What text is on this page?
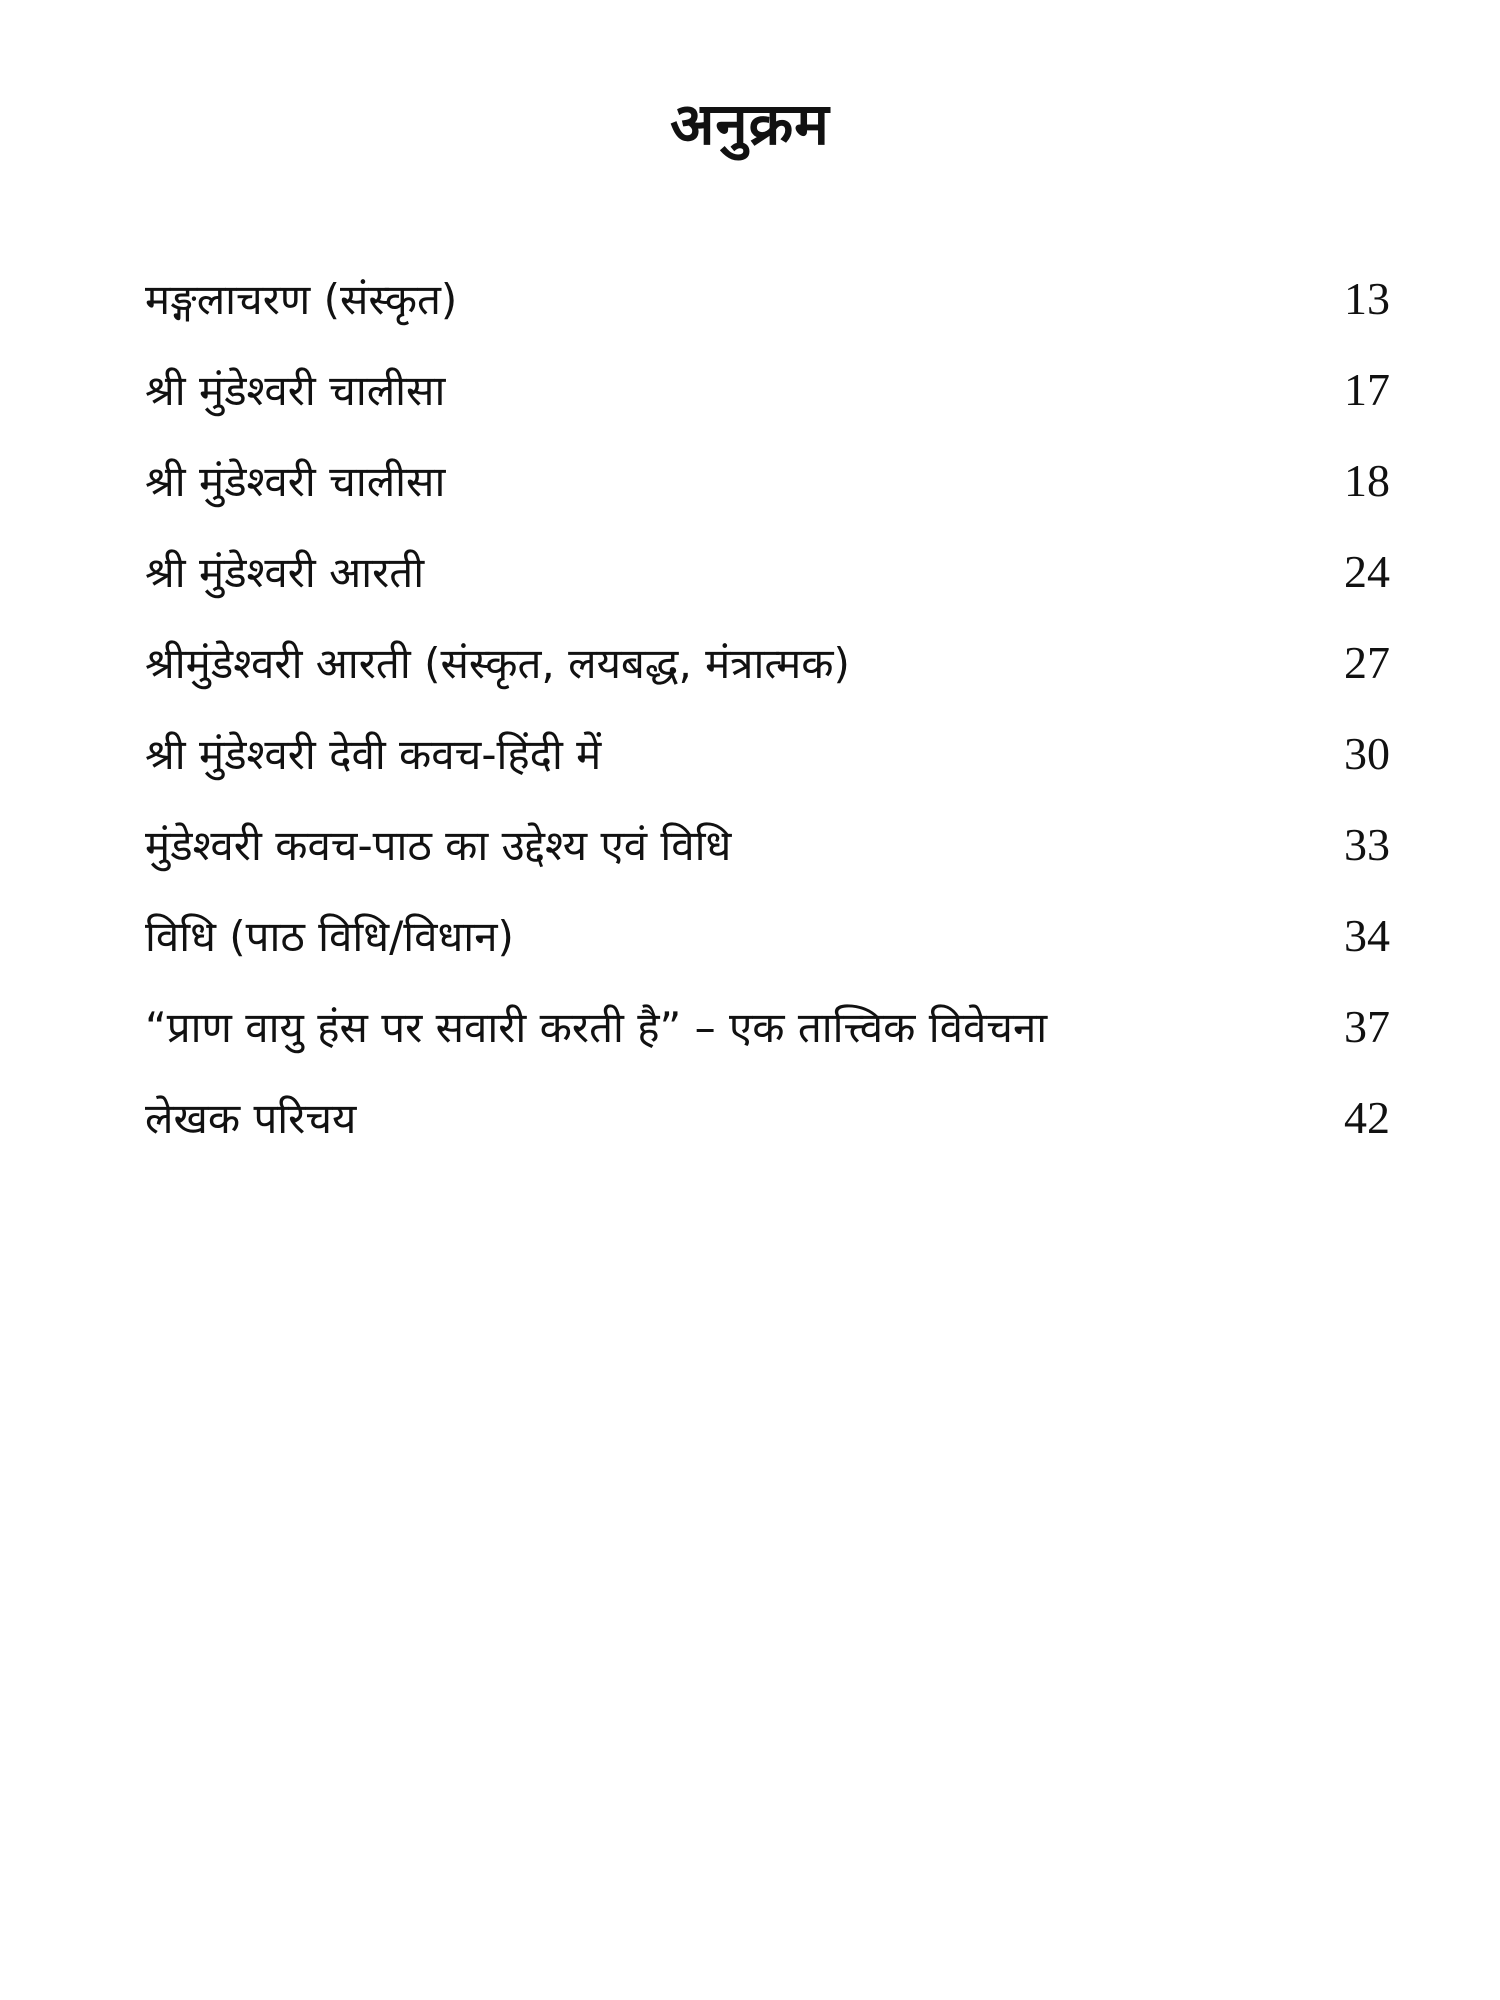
अनुक्रम
मङ्गलाचरण (संस्कृत)	13
श्री मुंडेश्वरी चालीसा	17
श्री मुंडेश्वरी चालीसा	18
श्री मुंडेश्वरी आरती	24
श्रीमुंडेश्वरी आरती (संस्कृत, लयबद्ध, मंत्रात्मक)	27
श्री मुंडेश्वरी देवी कवच-हिंदी में	30
मुंडेश्वरी कवच-पाठ का उद्देश्य एवं विधि	33
विधि (पाठ विधि/विधान)	34
“प्राण वायु हंस पर सवारी करती है” – एक तात्त्विक विवेचना	37
लेखक परिचय	42
